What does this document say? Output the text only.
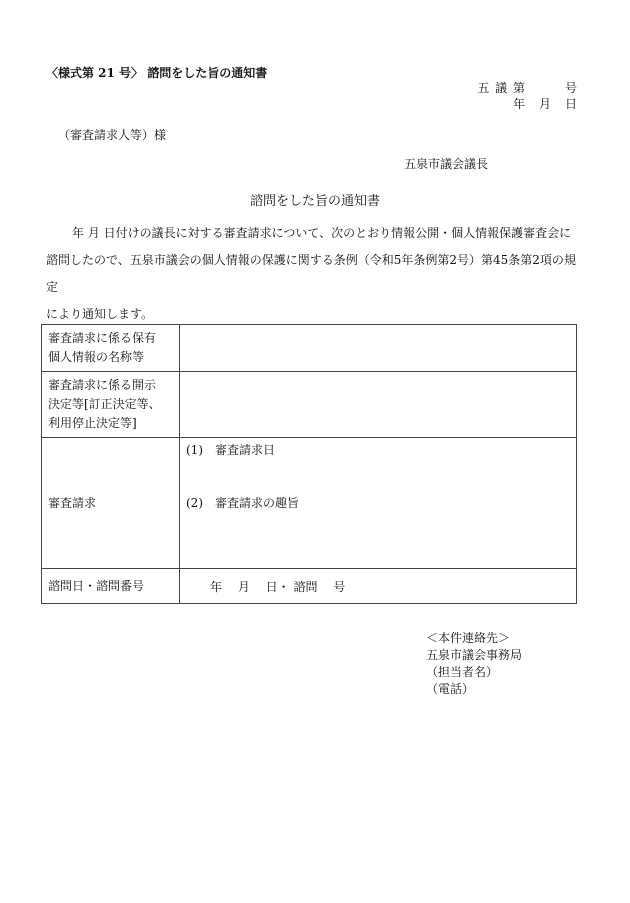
〈様式第 21 号〉 諮問をした旨の通知書
五 議 第　　　号
年　月　日
（審査請求人等）様
五泉市議会議長
諮問をした旨の通知書
年 月 日付けの議長に対する審査請求について、次のとおり情報公開・個人情報保護審査会に
諮問したので、五泉市議会の個人情報の保護に関する条例（令和5年条例第2号）第45条第2項の規定
により通知します。
審査請求に係る保有
個人情報の名称等	

審査請求に係る開示
決定等[訂正決定等、
利用停止決定等]	

審査請求	(1)　審査請求日
(2)　審査請求の趣旨

諮問日・諮問番号	年　 月　 日・ 諮問　 号
＜本件連絡先＞
五泉市議会事務局
（担当者名）
（電話）
